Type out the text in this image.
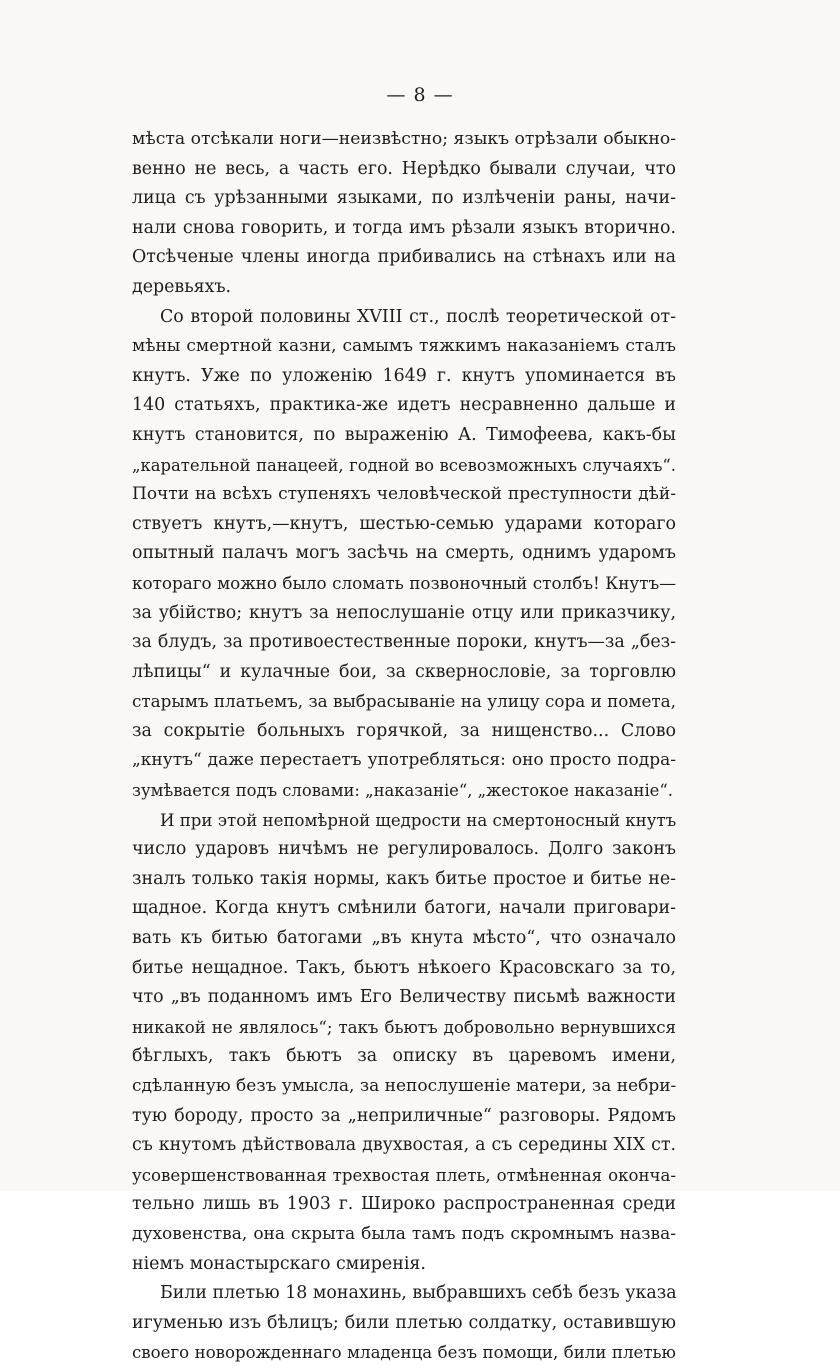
— 8 —
мѣста отсѣкали ноги—неизвѣстно; языкъ отрѣзали обыкно-
венно не весь, а часть его. Нерѣдко бывали случаи, что
лица съ урѣзанными языками, по излѣченiи раны, начи-
нали снова говорить, и тогда имъ рѣзали языкъ вторично.
Отсѣченые члены иногда прибивались на стѣнахъ или на
деревьяхъ.
Со второй половины XVIII ст., послѣ теоретической от-
мѣны смертной казни, самымъ тяжкимъ наказанiемъ сталъ
кнутъ. Уже по уложенiю 1649 г. кнутъ упоминается въ
140 статьяхъ, практика-же идетъ несравненно дальше и
кнутъ становится, по выраженiю А. Тимофеева, какъ-бы
„карательной панацеей, годной во всевозможныхъ случаяхъ“.
Почти на всѣхъ ступеняхъ человѣческой преступности дѣй-
ствуетъ кнутъ,—кнутъ, шестью-семью ударами котораго
опытный палачъ могъ засѣчь на смерть, однимъ ударомъ
котораго можно было сломать позвоночный столбъ! Кнутъ—
за убiйство; кнутъ за непослушанiе отцу или приказчику,
за блудъ, за противоестественные пороки, кнутъ—за „без-
лѣпицы“ и кулачные бои, за сквернословiе, за торговлю
старымъ платьемъ, за выбрасыванiе на улицу сора и помета,
за сокрытiе больныхъ горячкой, за нищенство... Слово
„кнутъ“ даже перестаетъ употребляться: оно просто подра-
зумѣвается подъ словами: „наказанiе“, „жестокое наказанiе“.
И при этой непомѣрной щедрости на смертоносный кнутъ
число ударовъ ничѣмъ не регулировалось. Долго законъ
зналъ только такiя нормы, какъ битье простое и битье не-
щадное. Когда кнутъ смѣнили батоги, начали приговари-
вать къ битью батогами „въ кнута мѣсто“, что означало
битье нещадное. Такъ, бьютъ нѣкоего Красовскаго за то,
что „въ поданномъ имъ Его Величеству письмѣ важности
никакой не являлось“; такъ бьютъ добровольно вернувшихся
бѣглыхъ, такъ бьютъ за описку въ царевомъ имени,
сдѣланную безъ умысла, за непослушенiе матери, за небри-
тую бороду, просто за „неприличные“ разговоры. Рядомъ
съ кнутомъ дѣйствовала двухвостая, а съ середины XIX ст.
усовершенствованная трехвостая плеть, отмѣненная оконча-
тельно лишь въ 1903 г. Широко распространенная среди
духовенства, она скрыта была тамъ подъ скромнымъ назва-
нiемъ монастырскаго смиренiя.
Били плетью 18 монахинь, выбравшихъ себѣ безъ указа
игуменью изъ бѣлицъ; били плетью солдатку, оставившую
своего новорожденнаго младенца безъ помощи, били плетью
